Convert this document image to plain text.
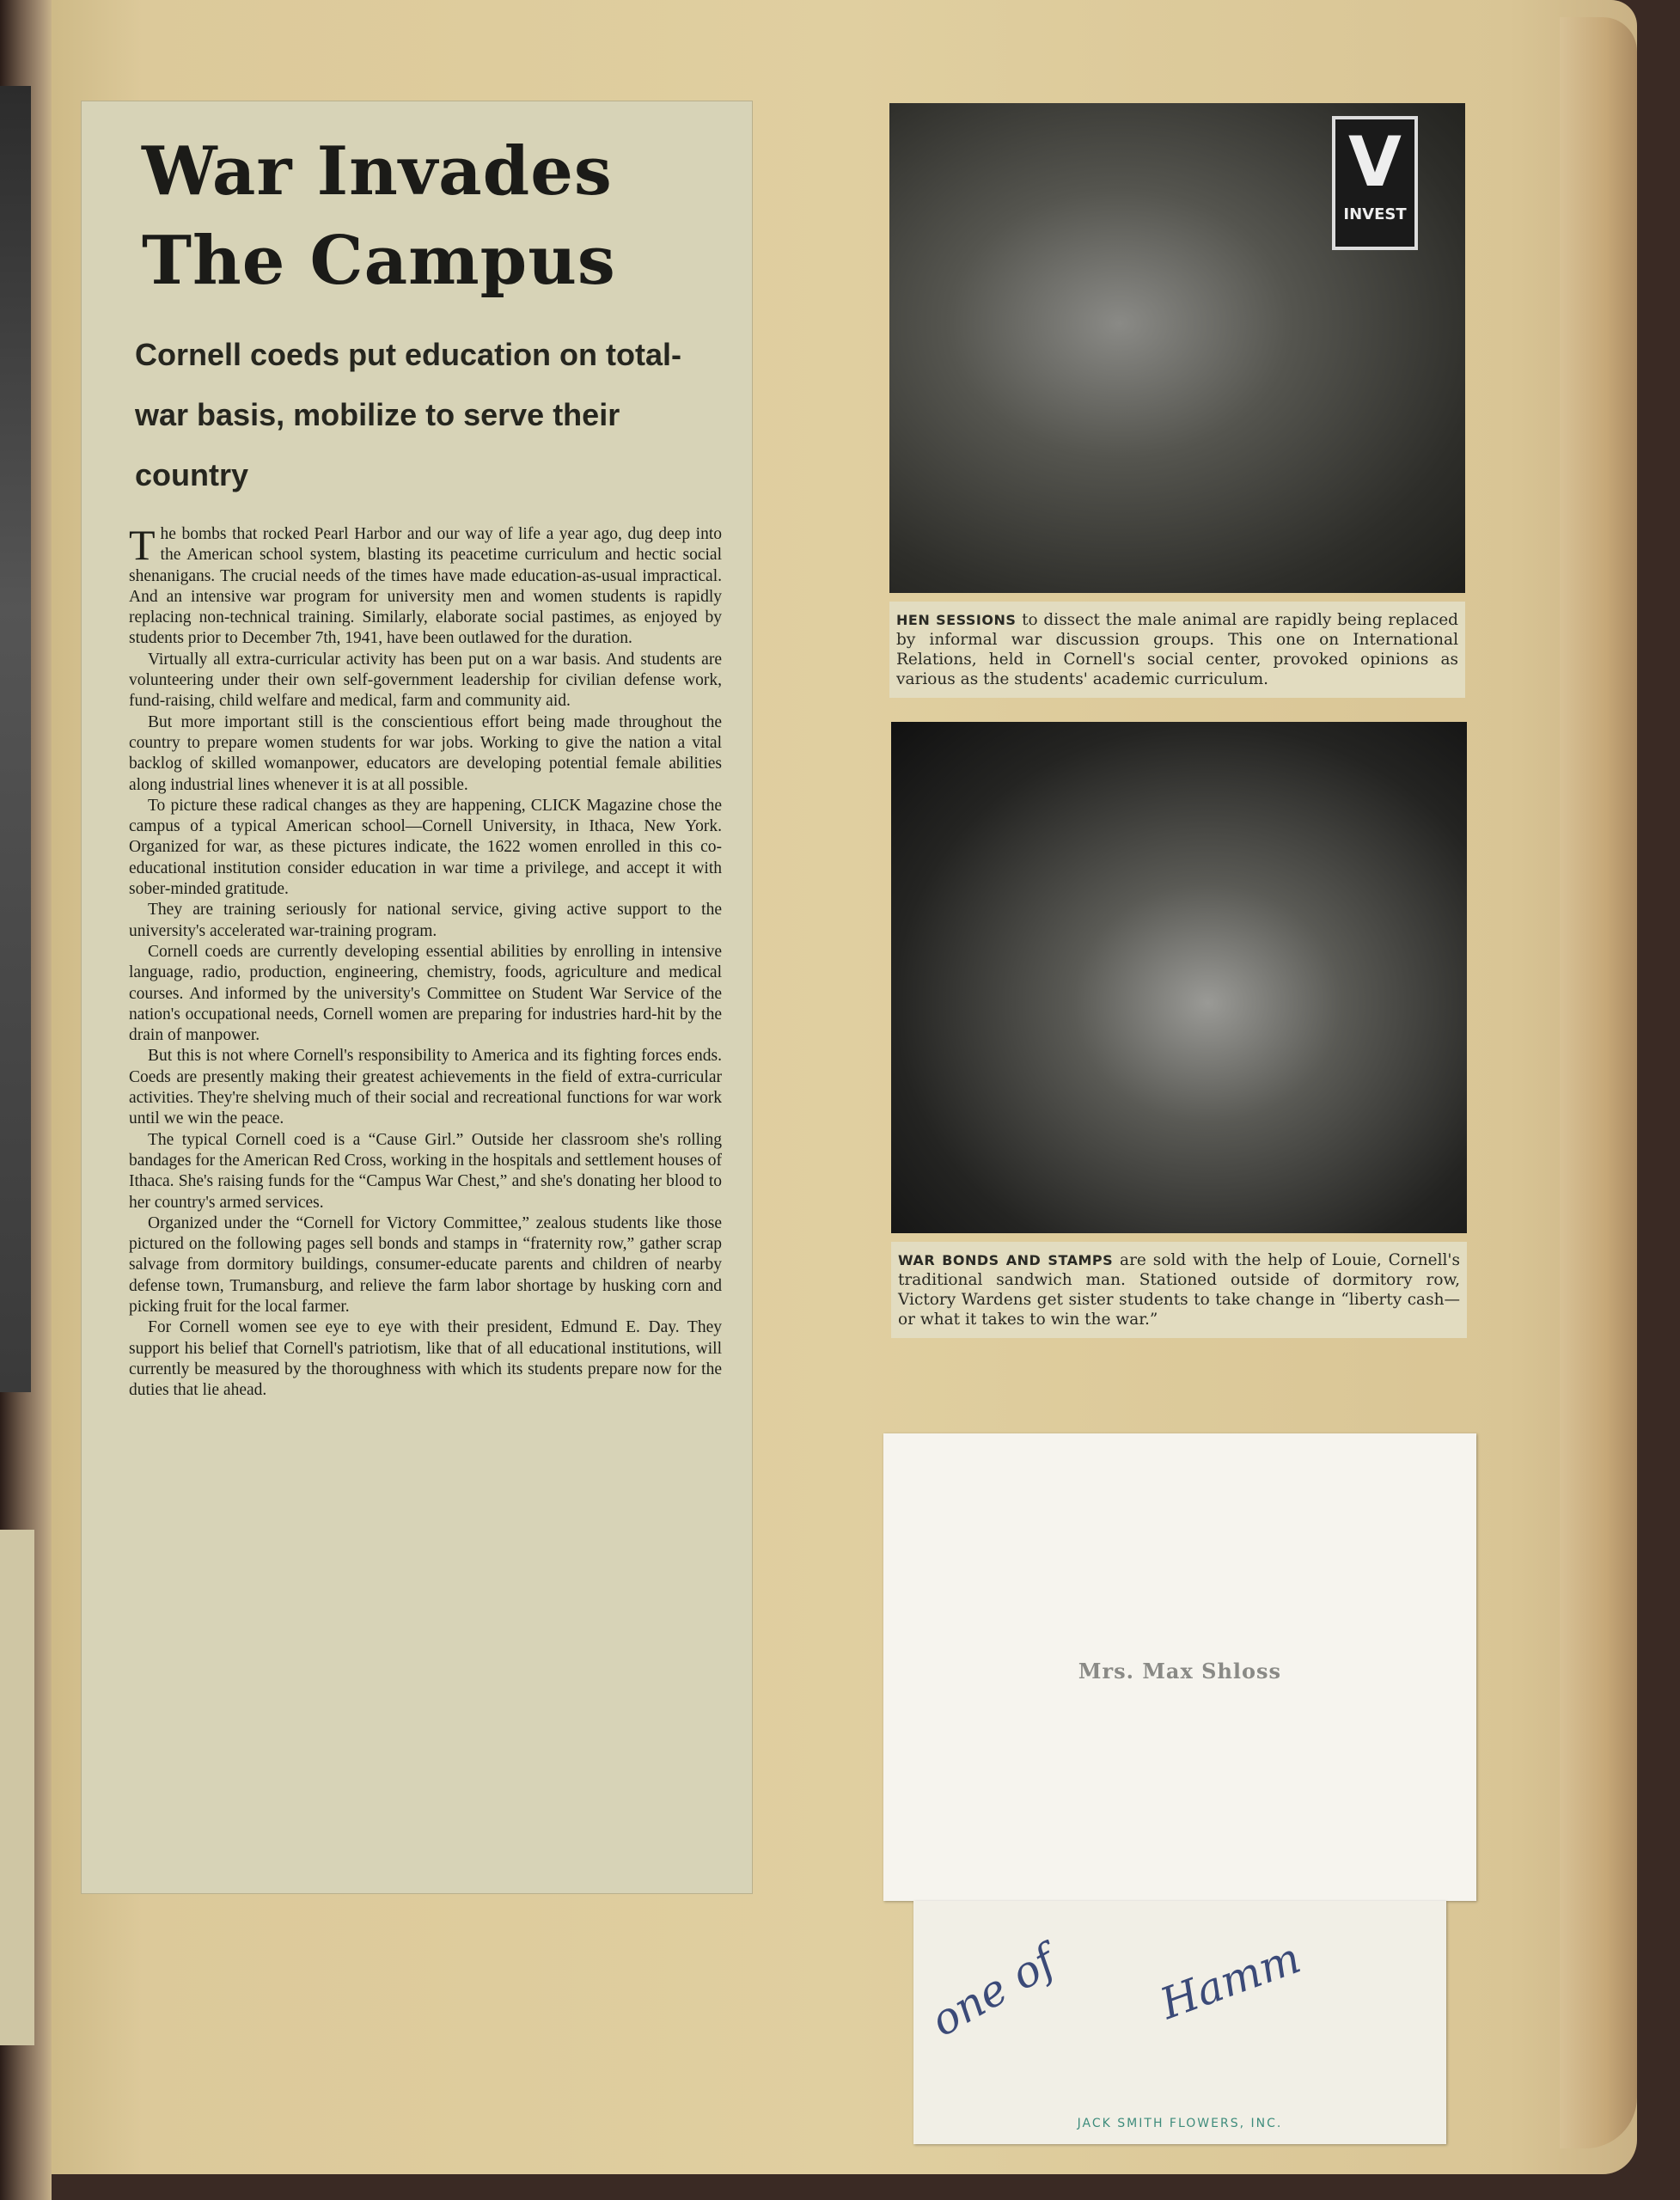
War Invades
The Campus
Cornell coeds put education on total-war basis, mobilize to serve their country

The bombs that rocked Pearl Harbor and our way of life a year ago, dug deep into the American school system, blasting its peacetime curriculum and hectic social shenanigans. The crucial needs of the times have made education-as-usual impractical. And an intensive war program for university men and women students is rapidly replacing non-technical training. Similarly, elaborate social pastimes, as enjoyed by students prior to December 7th, 1941, have been outlawed for the duration.

Virtually all extra-curricular activity has been put on a war basis. And students are volunteering under their own self-government leadership for civilian defense work, fund-raising, child welfare and medical, farm and community aid.

But more important still is the conscientious effort being made throughout the country to prepare women students for war jobs. Working to give the nation a vital backlog of skilled womanpower, educators are developing potential female abilities along industrial lines whenever it is at all possible.

To picture these radical changes as they are happening, CLICK Magazine chose the campus of a typical American school—Cornell University, in Ithaca, New York. Organized for war, as these pictures indicate, the 1622 women enrolled in this co-educational institution consider education in war time a privilege, and accept it with sober-minded gratitude.

They are training seriously for national service, giving active support to the university's accelerated war-training program.

Cornell coeds are currently developing essential abilities by enrolling in intensive language, radio, production, engineering, chemistry, foods, agriculture and medical courses. And informed by the university's Committee on Student War Service of the nation's occupational needs, Cornell women are preparing for industries hard-hit by the drain of manpower.

But this is not where Cornell's responsibility to America and its fighting forces ends. Coeds are presently making their greatest achievements in the field of extra-curricular activities. They're shelving much of their social and recreational functions for war work until we win the peace.

The typical Cornell coed is a “Cause Girl.” Outside her classroom she's rolling bandages for the American Red Cross, working in the hospitals and settlement houses of Ithaca. She's raising funds for the “Campus War Chest,” and she's donating her blood to her country's armed services.

Organized under the “Cornell for Victory Committee,” zealous students like those pictured on the following pages sell bonds and stamps in “fraternity row,” gather scrap salvage from dormitory buildings, consumer-educate parents and children of nearby defense town, Trumansburg, and relieve the farm labor shortage by husking corn and picking fruit for the local farmer.

For Cornell women see eye to eye with their president, Edmund E. Day. They support his belief that Cornell's patriotism, like that of all educational institutions, will currently be measured by the thoroughness with which its students prepare now for the duties that lie ahead.

V
INVEST
HEN SESSIONS to dissect the male animal are rapidly being replaced by informal war discussion groups. This one on International Relations, held in Cornell's social center, provoked opinions as various as the students' academic curriculum.
WAR BONDS AND STAMPS are sold with the help of Louie, Cornell's traditional sandwich man. Stationed outside of dormitory row, Victory Wardens get sister students to take change in “liberty cash—or what it takes to win the war.”
Mrs. Max Shloss
one of Hamm
JACK SMITH FLOWERS, INC.
